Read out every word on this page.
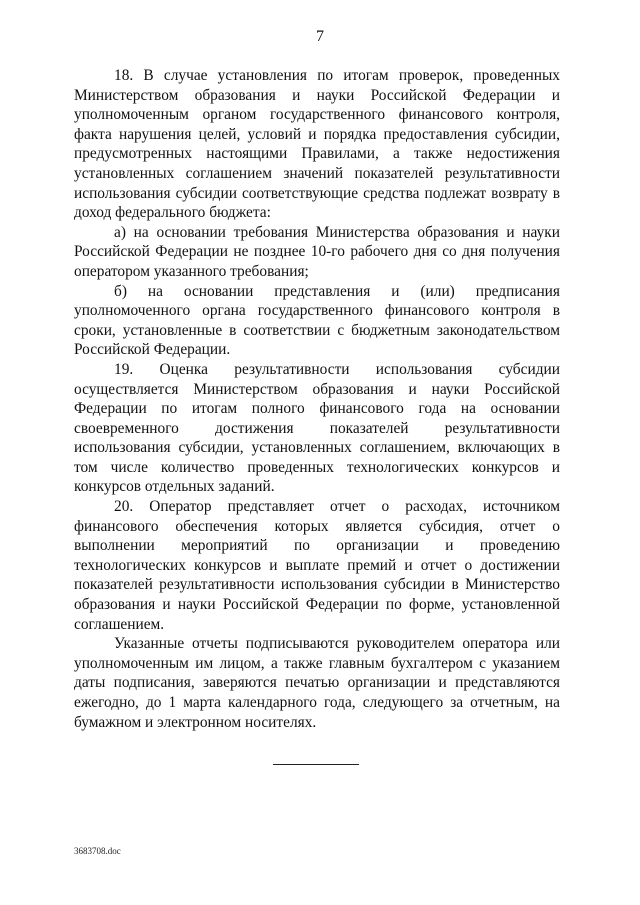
7

18. В случае установления по итогам проверок, проведенных Министерством образования и науки Российской Федерации и уполномоченным органом государственного финансового контроля, факта нарушения целей, условий и порядка предоставления субсидии, предусмотренных настоящими Правилами, а также недостижения установленных соглашением значений показателей результативности использования субсидии соответствующие средства подлежат возврату в доход федерального бюджета:

а) на основании требования Министерства образования и науки Российской Федерации не позднее 10-го рабочего дня со дня получения оператором указанного требования;

б) на основании представления и (или) предписания уполномоченного органа государственного финансового контроля в сроки, установленные в соответствии с бюджетным законодательством Российской Федерации.

19. Оценка результативности использования субсидии осуществляется Министерством образования и науки Российской Федерации по итогам полного финансового года на основании своевременного достижения показателей результативности использования субсидии, установленных соглашением, включающих в том числе количество проведенных технологических конкурсов и конкурсов отдельных заданий.

20. Оператор представляет отчет о расходах, источником финансового обеспечения которых является субсидия, отчет о выполнении мероприятий по организации и проведению технологических конкурсов и выплате премий и отчет о достижении показателей результативности использования субсидии в Министерство образования и науки Российской Федерации по форме, установленной соглашением.

Указанные отчеты подписываются руководителем оператора или уполномоченным им лицом, а также главным бухгалтером с указанием даты подписания, заверяются печатью организации и представляются ежегодно, до 1 марта календарного года, следующего за отчетным, на бумажном и электронном носителях.

3683708.doc
